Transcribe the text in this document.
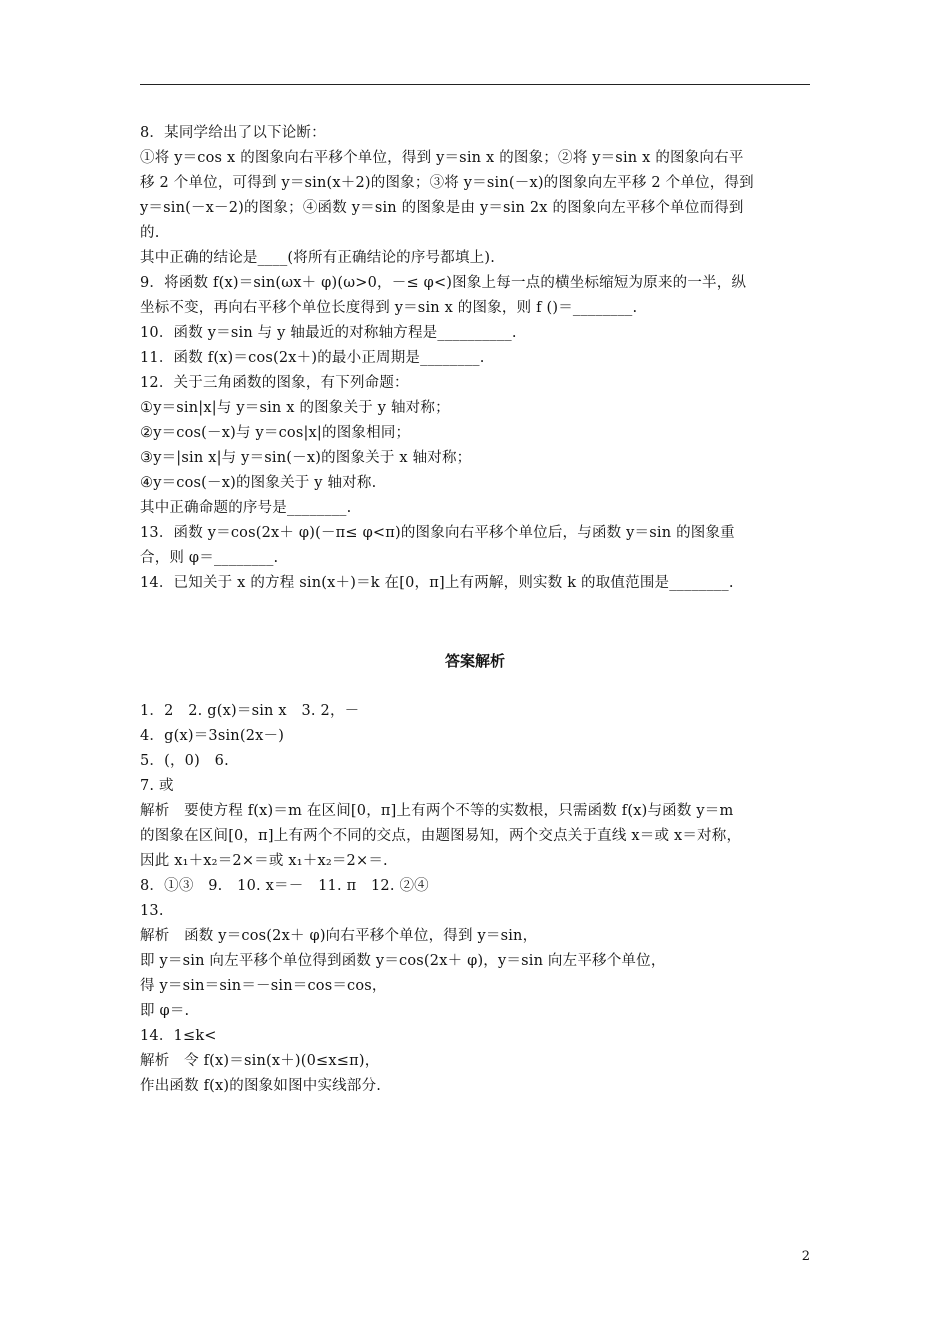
8．某同学给出了以下论断：
①将 y＝cos x 的图象向右平移个单位，得到 y＝sin x 的图象；②将 y＝sin x 的图象向右平
移 2 个单位，可得到 y＝sin(x＋2)的图象；③将 y＝sin(－x)的图象向左平移 2 个单位，得到
y＝sin(－x－2)的图象；④函数 y＝sin 的图象是由 y＝sin 2x 的图象向左平移个单位而得到
的.
其中正确的结论是____(将所有正确结论的序号都填上).
9．将函数 f(x)＝sin(ωx＋ φ)(ω>0，－≤ φ<)图象上每一点的横坐标缩短为原来的一半，纵
坐标不变，再向右平移个单位长度得到 y＝sin x 的图象，则 f ()＝________.
10．函数 y＝sin 与 y 轴最近的对称轴方程是__________.
11．函数 f(x)＝cos(2x＋)的最小正周期是________.
12．关于三角函数的图象，有下列命题：
①y＝sin|x|与 y＝sin x 的图象关于 y 轴对称；
②y＝cos(－x)与 y＝cos|x|的图象相同；
③y＝|sin x|与 y＝sin(－x)的图象关于 x 轴对称；
④y＝cos(－x)的图象关于 y 轴对称.
其中正确命题的序号是________.
13．函数 y＝cos(2x＋ φ)(－π≤ φ<π)的图象向右平移个单位后，与函数 y＝sin 的图象重
合，则 φ＝________.
14．已知关于 x 的方程 sin(x＋)＝k 在[0，π]上有两解，则实数 k 的取值范围是________.
答案解析
1．2　2. g(x)＝sin x　3. 2，－
4．g(x)＝3sin(2x－)
5．(，0)　6.
7. 或
解析　要使方程 f(x)＝m 在区间[0，π]上有两个不等的实数根，只需函数 f(x)与函数 y＝m
的图象在区间[0，π]上有两个不同的交点，由题图易知，两个交点关于直线 x＝或 x＝对称，
因此 x₁＋x₂＝2×＝或 x₁＋x₂＝2×＝.
8．①③　9.　10. x＝－　11. π　12. ②④
13.
解析　函数 y＝cos(2x＋ φ)向右平移个单位，得到 y＝sin，
即 y＝sin 向左平移个单位得到函数 y＝cos(2x＋ φ)，y＝sin 向左平移个单位，
得 y＝sin＝sin＝－sin＝cos＝cos，
即 φ＝.
14．1≤k<
解析　令 f(x)＝sin(x＋)(0≤x≤π)，
作出函数 f(x)的图象如图中实线部分.
2
